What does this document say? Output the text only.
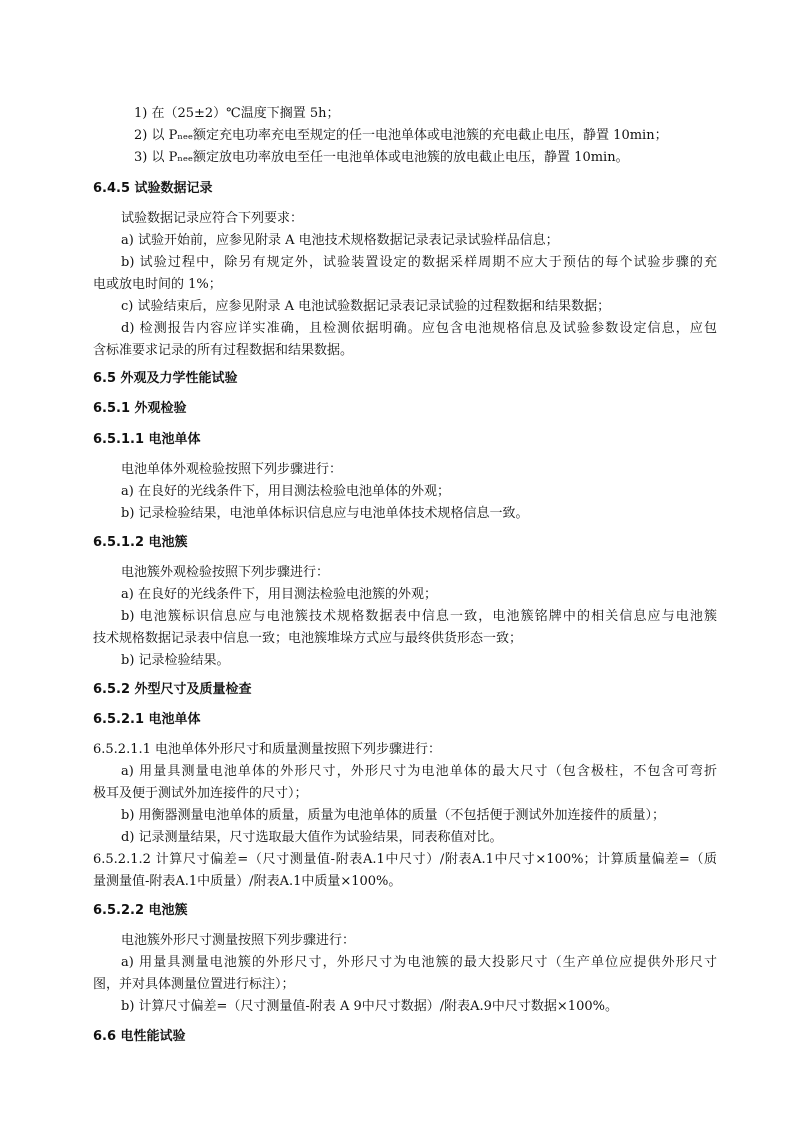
1) 在（25±2）℃温度下搁置 5h；
2) 以 Pₙₑₑ额定充电功率充电至规定的任一电池单体或电池簇的充电截止电压，静置 10min；
3) 以 Pₙₑₑ额定放电功率放电至任一电池单体或电池簇的放电截止电压，静置 10min。
6.4.5 试验数据记录
试验数据记录应符合下列要求：
a) 试验开始前，应参见附录 A 电池技术规格数据记录表记录试验样品信息；
b) 试验过程中，除另有规定外，试验装置设定的数据采样周期不应大于预估的每个试验步骤的充
电或放电时间的 1%；
c) 试验结束后，应参见附录 A 电池试验数据记录表记录试验的过程数据和结果数据；
d) 检测报告内容应详实准确，且检测依据明确。应包含电池规格信息及试验参数设定信息，应包
含标准要求记录的所有过程数据和结果数据。
6.5 外观及力学性能试验
6.5.1 外观检验
6.5.1.1 电池单体
电池单体外观检验按照下列步骤进行：
a) 在良好的光线条件下，用目测法检验电池单体的外观；
b) 记录检验结果，电池单体标识信息应与电池单体技术规格信息一致。
6.5.1.2 电池簇
电池簇外观检验按照下列步骤进行：
a) 在良好的光线条件下，用目测法检验电池簇的外观；
b) 电池簇标识信息应与电池簇技术规格数据表中信息一致，电池簇铭牌中的相关信息应与电池簇
技术规格数据记录表中信息一致；电池簇堆垛方式应与最终供货形态一致；
b) 记录检验结果。
6.5.2 外型尺寸及质量检查
6.5.2.1 电池单体
6.5.2.1.1 电池单体外形尺寸和质量测量按照下列步骤进行：
a) 用量具测量电池单体的外形尺寸，外形尺寸为电池单体的最大尺寸（包含极柱，不包含可弯折
极耳及便于测试外加连接件的尺寸）；
b) 用衡器测量电池单体的质量，质量为电池单体的质量（不包括便于测试外加连接件的质量）；
d) 记录测量结果，尺寸选取最大值作为试验结果，同表称值对比。
6.5.2.1.2 计算尺寸偏差=（尺寸测量值-附表A.1中尺寸）/附表A.1中尺寸×100%；计算质量偏差=（质
量测量值-附表A.1中质量）/附表A.1中质量×100%。
6.5.2.2 电池簇
电池簇外形尺寸测量按照下列步骤进行：
a) 用量具测量电池簇的外形尺寸，外形尺寸为电池簇的最大投影尺寸（生产单位应提供外形尺寸
图，并对具体测量位置进行标注）；
b) 计算尺寸偏差=（尺寸测量值-附表 A 9中尺寸数据）/附表A.9中尺寸数据×100%。
6.6 电性能试验
